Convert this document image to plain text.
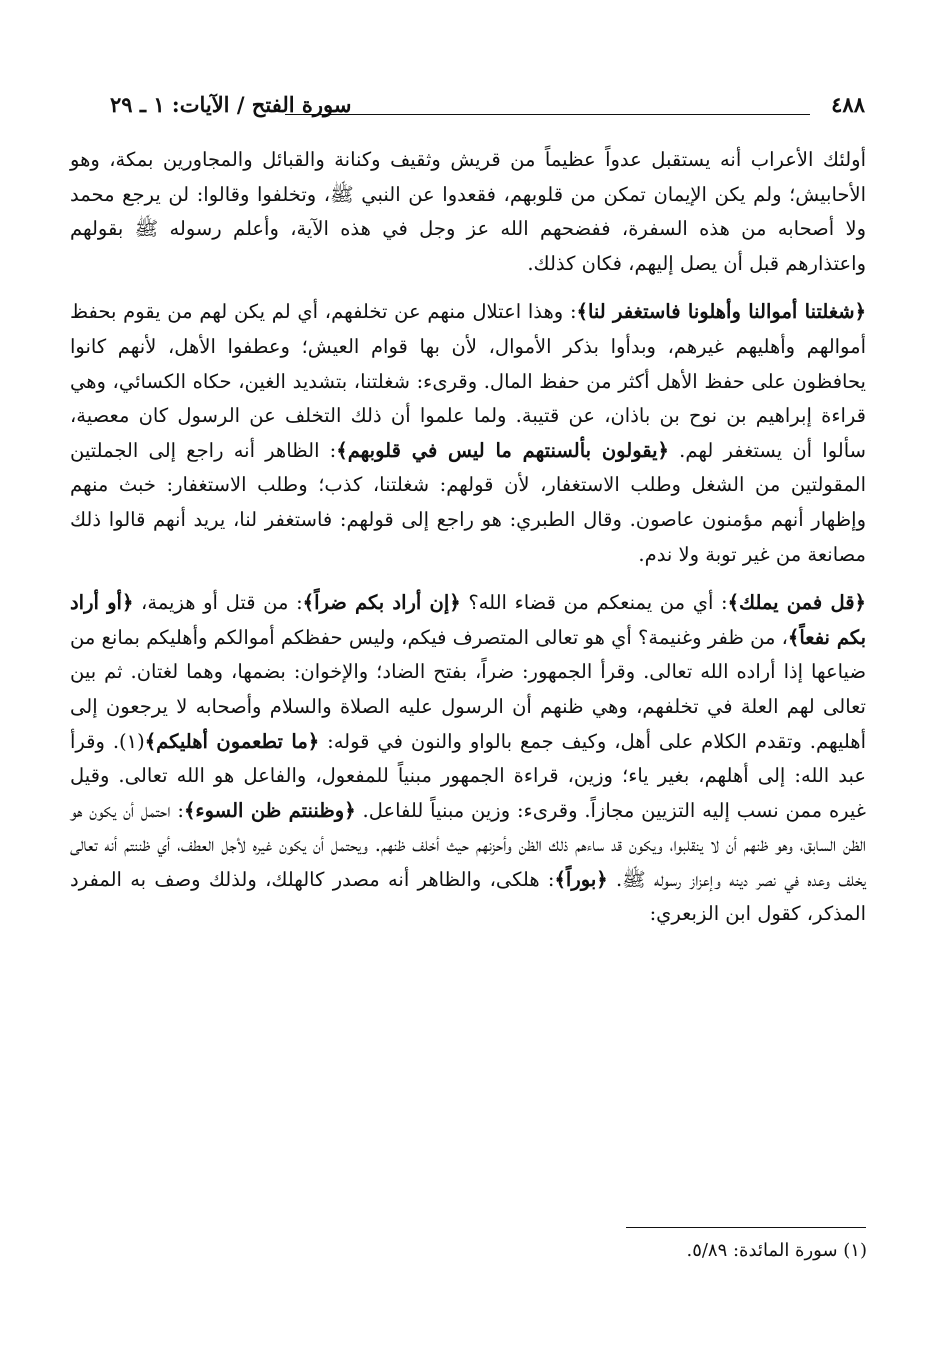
٤٨٨
سورة الفتح / الآيات: ١ ـ ٢٩

أولئك الأعراب أنه يستقبل عدواً عظيماً من قريش وثقيف وكنانة والقبائل والمجاورين بمكة، وهو الأحابيش؛ ولم يكن الإيمان تمكن من قلوبهم، فقعدوا عن النبي ﷺ، وتخلفوا وقالوا: لن يرجع محمد ولا أصحابه من هذه السفرة، ففضحهم الله عز وجل في هذه الآية، وأعلم رسوله ﷺ بقولهم واعتذارهم قبل أن يصل إليهم، فكان كذلك.

﴿شغلتنا أموالنا وأهلونا فاستغفر لنا﴾: وهذا اعتلال منهم عن تخلفهم، أي لم يكن لهم من يقوم بحفظ أموالهم وأهليهم غيرهم، وبدأوا بذكر الأموال، لأن بها قوام العيش؛ وعطفوا الأهل، لأنهم كانوا يحافظون على حفظ الأهل أكثر من حفظ المال. وقرىء: شغلتنا، بتشديد الغين، حكاه الكسائي، وهي قراءة إبراهيم بن نوح بن باذان، عن قتيبة. ولما علموا أن ذلك التخلف عن الرسول كان معصية، سألوا أن يستغفر لهم. ﴿يقولون بألسنتهم ما ليس في قلوبهم﴾: الظاهر أنه راجع إلى الجملتين المقولتين من الشغل وطلب الاستغفار، لأن قولهم: شغلتنا، كذب؛ وطلب الاستغفار: خبث منهم وإظهار أنهم مؤمنون عاصون. وقال الطبري: هو راجع إلى قولهم: فاستغفر لنا، يريد أنهم قالوا ذلك مصانعة من غير توبة ولا ندم.

﴿قل فمن يملك﴾: أي من يمنعكم من قضاء الله؟ ﴿إن أراد بكم ضراً﴾: من قتل أو هزيمة، ﴿أو أراد بكم نفعاً﴾، من ظفر وغنيمة؟ أي هو تعالى المتصرف فيكم، وليس حفظكم أموالكم وأهليكم بمانع من ضياعها إذا أراده الله تعالى. وقرأ الجمهور: ضراً، بفتح الضاد؛ والإخوان: بضمها، وهما لغتان. ثم بين تعالى لهم العلة في تخلفهم، وهي ظنهم أن الرسول عليه الصلاة والسلام وأصحابه لا يرجعون إلى أهليهم. وتقدم الكلام على أهل، وكيف جمع بالواو والنون في قوله: ﴿ما تطعمون أهليكم﴾(١). وقرأ عبد الله: إلى أهلهم، بغير ياء؛ وزين، قراءة الجمهور مبنياً للمفعول، والفاعل هو الله تعالى. وقيل غيره ممن نسب إليه التزيين مجازاً. وقرىء: وزين مبنياً للفاعل. ﴿وظننتم ظن السوء﴾: احتمل أن يكون هو الظن السابق، وهو ظنهم أن لا ينقلبوا، ويكون قد ساءهم ذلك الظن وأحزنهم حيث أخلف ظنهم. ويحتمل أن يكون غيره لأجل العطف، أي ظننتم أنه تعالى يخلف وعده في نصر دينه وإعزاز رسوله ﷺ. ﴿بوراً﴾: هلكى، والظاهر أنه مصدر كالهلك، ولذلك وصف به المفرد المذكر، كقول ابن الزبعري:

(١) سورة المائدة: ٥/٨٩.
